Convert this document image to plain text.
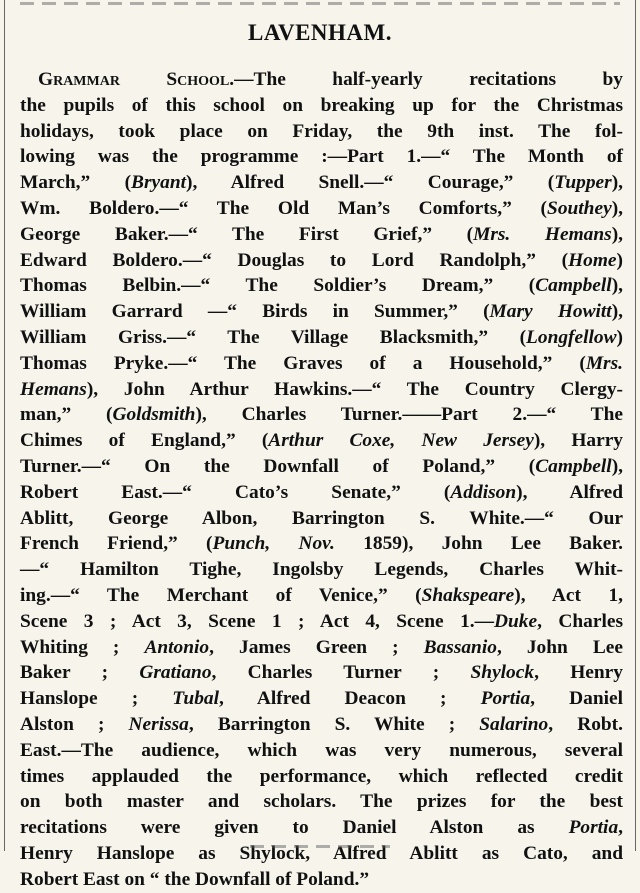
LAVENHAM.
Grammar School.—The half-yearly recitations by
the pupils of this school on breaking up for the Christmas
holidays, took place on Friday, the 9th inst. The fol-
lowing was the programme :—Part 1.—“ The Month of
March,” (Bryant), Alfred Snell.—“ Courage,” (Tupper),
Wm. Boldero.—“ The Old Man’s Comforts,” (Southey),
George Baker.—“ The First Grief,” (Mrs. Hemans),
Edward Boldero.—“ Douglas to Lord Randolph,” (Home)
Thomas Belbin.—“ The Soldier’s Dream,” (Campbell),
William Garrard —“ Birds in Summer,” (Mary Howitt),
William Griss.—“ The Village Blacksmith,” (Longfellow)
Thomas Pryke.—“ The Graves of a Household,” (Mrs.
Hemans), John Arthur Hawkins.—“ The Country Clergy-
man,” (Goldsmith), Charles Turner.——Part 2.—“ The
Chimes of England,” (Arthur Coxe, New Jersey), Harry
Turner.—“ On the Downfall of Poland,” (Campbell),
Robert East.—“ Cato’s Senate,” (Addison), Alfred
Ablitt, George Albon, Barrington S. White.—“ Our
French Friend,” (Punch, Nov. 1859), John Lee Baker.
—“ Hamilton Tighe, Ingolsby Legends, Charles Whit-
ing.—“ The Merchant of Venice,” (Shakspeare), Act 1,
Scene 3 ; Act 3, Scene 1 ; Act 4, Scene 1.—Duke, Charles
Whiting ; Antonio, James Green ; Bassanio, John Lee
Baker ; Gratiano, Charles Turner ; Shylock, Henry
Hanslope ; Tubal, Alfred Deacon ; Portia, Daniel
Alston ; Nerissa, Barrington S. White ; Salarino, Robt.
East.—The audience, which was very numerous, several
times applauded the performance, which reflected credit
on both master and scholars. The prizes for the best
recitations were given to Daniel Alston as Portia,
Henry Hanslope as Shylock, Alfred Ablitt as Cato, and
Robert East on “ the Downfall of Poland.”
